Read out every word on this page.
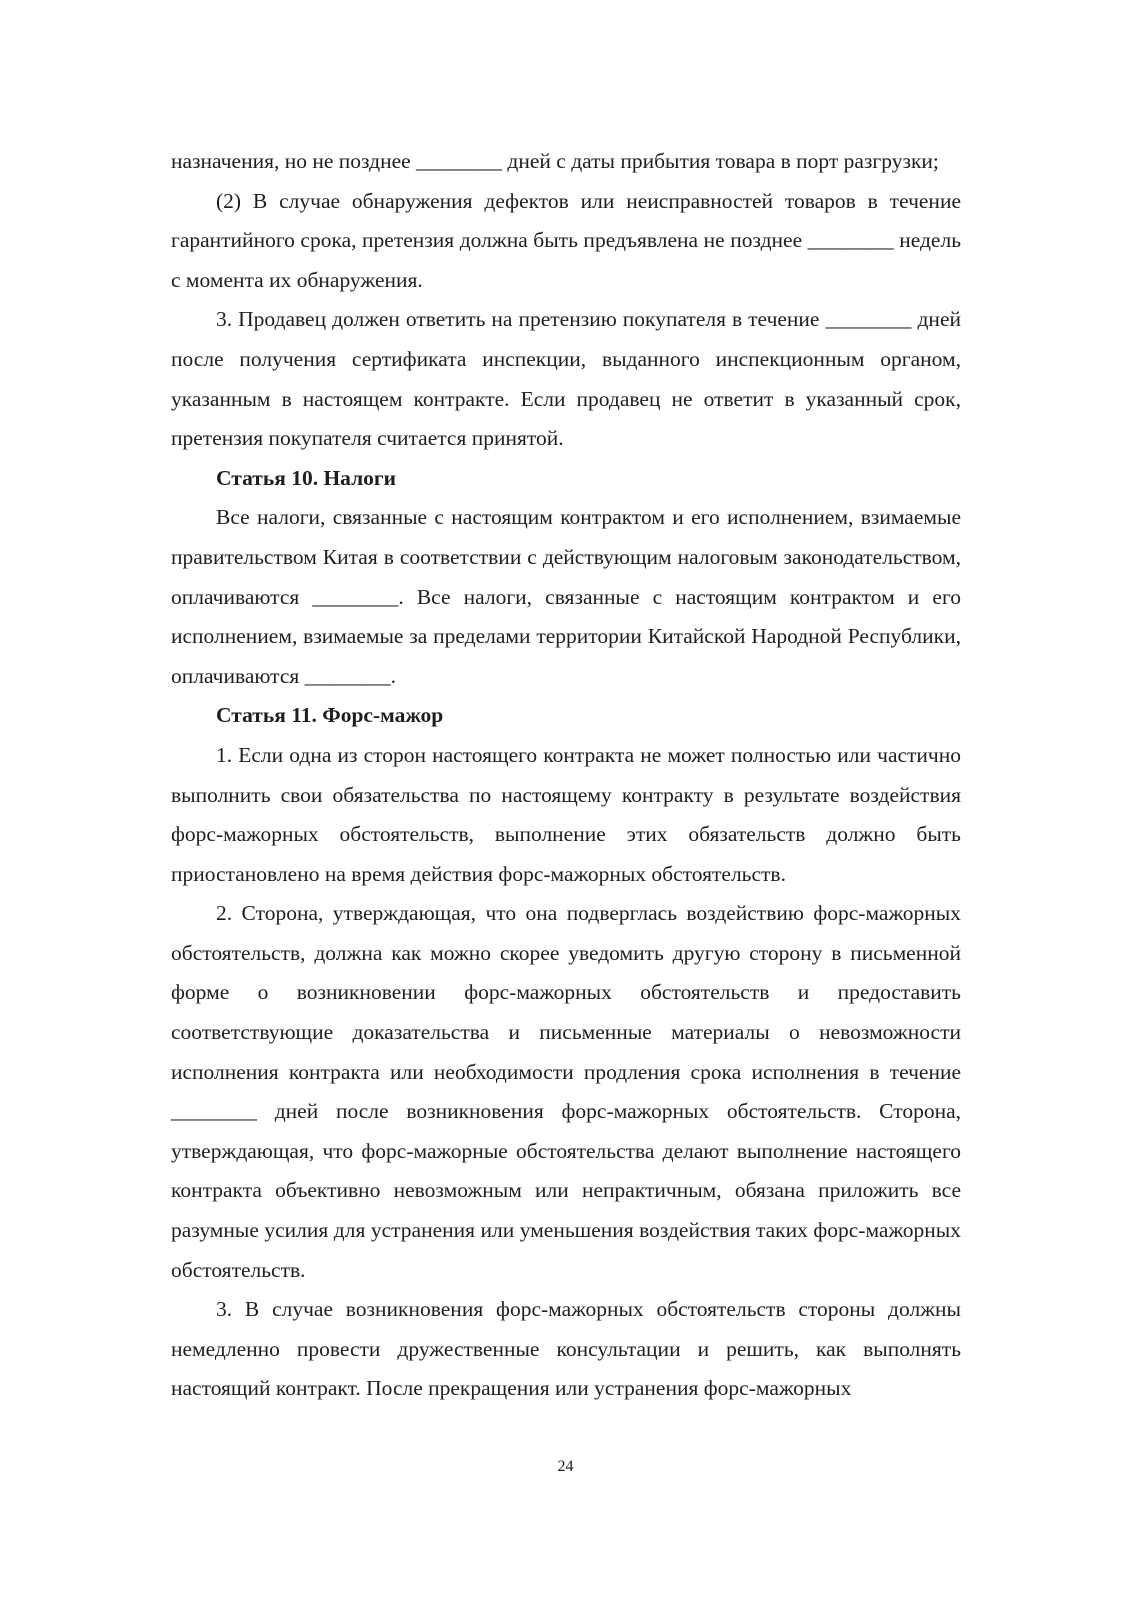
назначения, но не позднее ________ дней с даты прибытия товара в порт разгрузки;

(2) В случае обнаружения дефектов или неисправностей товаров в течение гарантийного срока, претензия должна быть предъявлена не позднее ________ недель с момента их обнаружения.

3. Продавец должен ответить на претензию покупателя в течение ________ дней после получения сертификата инспекции, выданного инспекционным органом, указанным в настоящем контракте. Если продавец не ответит в указанный срок, претензия покупателя считается принятой.

Статья 10. Налоги

Все налоги, связанные с настоящим контрактом и его исполнением, взимаемые правительством Китая в соответствии с действующим налоговым законодательством, оплачиваются ________. Все налоги, связанные с настоящим контрактом и его исполнением, взимаемые за пределами территории Китайской Народной Республики, оплачиваются ________.

Статья 11. Форс-мажор

1. Если одна из сторон настоящего контракта не может полностью или частично выполнить свои обязательства по настоящему контракту в результате воздействия форс-мажорных обстоятельств, выполнение этих обязательств должно быть приостановлено на время действия форс-мажорных обстоятельств.

2. Сторона, утверждающая, что она подверглась воздействию форс-мажорных обстоятельств, должна как можно скорее уведомить другую сторону в письменной форме о возникновении форс-мажорных обстоятельств и предоставить соответствующие доказательства и письменные материалы о невозможности исполнения контракта или необходимости продления срока исполнения в течение ________ дней после возникновения форс-мажорных обстоятельств. Сторона, утверждающая, что форс-мажорные обстоятельства делают выполнение настоящего контракта объективно невозможным или непрактичным, обязана приложить все разумные усилия для устранения или уменьшения воздействия таких форс-мажорных обстоятельств.

3. В случае возникновения форс-мажорных обстоятельств стороны должны немедленно провести дружественные консультации и решить, как выполнять настоящий контракт. После прекращения или устранения форс-мажорных

24
